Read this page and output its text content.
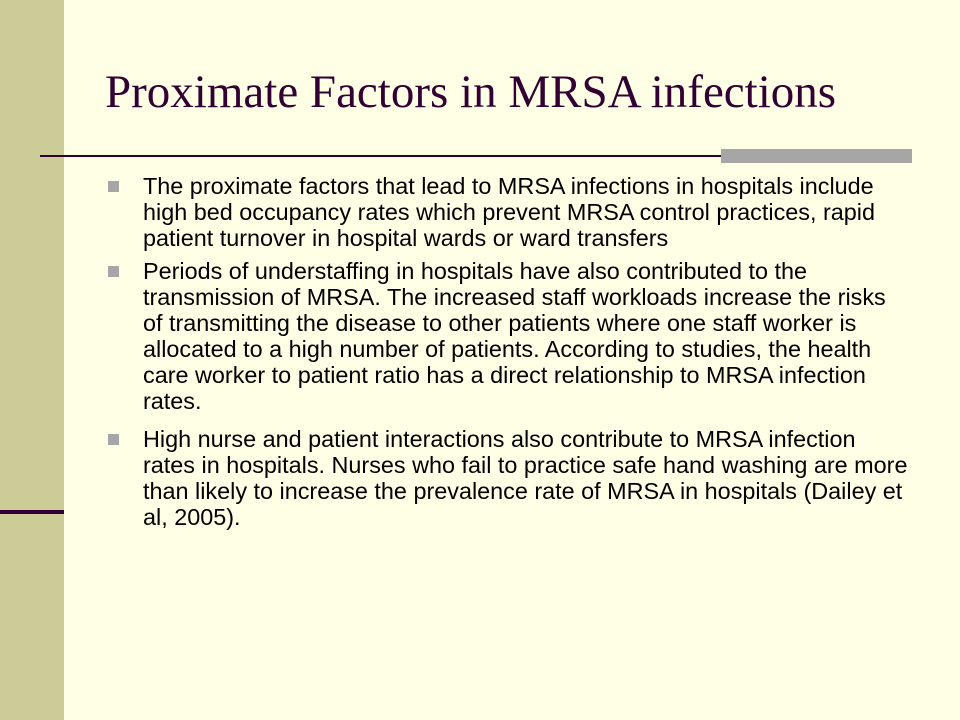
Proximate Factors in MRSA infections
The proximate factors that lead to MRSA infections in hospitals include high bed occupancy rates which prevent MRSA control practices, rapid patient turnover in hospital wards or ward transfers
Periods of understaffing in hospitals have also contributed to the transmission of MRSA. The increased staff workloads increase the risks of transmitting the disease to other patients where one staff worker is allocated to a high number of patients. According to studies, the health care worker to patient ratio has a direct relationship to MRSA infection rates.
High nurse and patient interactions also contribute to MRSA infection rates in hospitals. Nurses who fail to practice safe hand washing are more than likely to increase the prevalence rate of MRSA in hospitals (Dailey et al, 2005).
